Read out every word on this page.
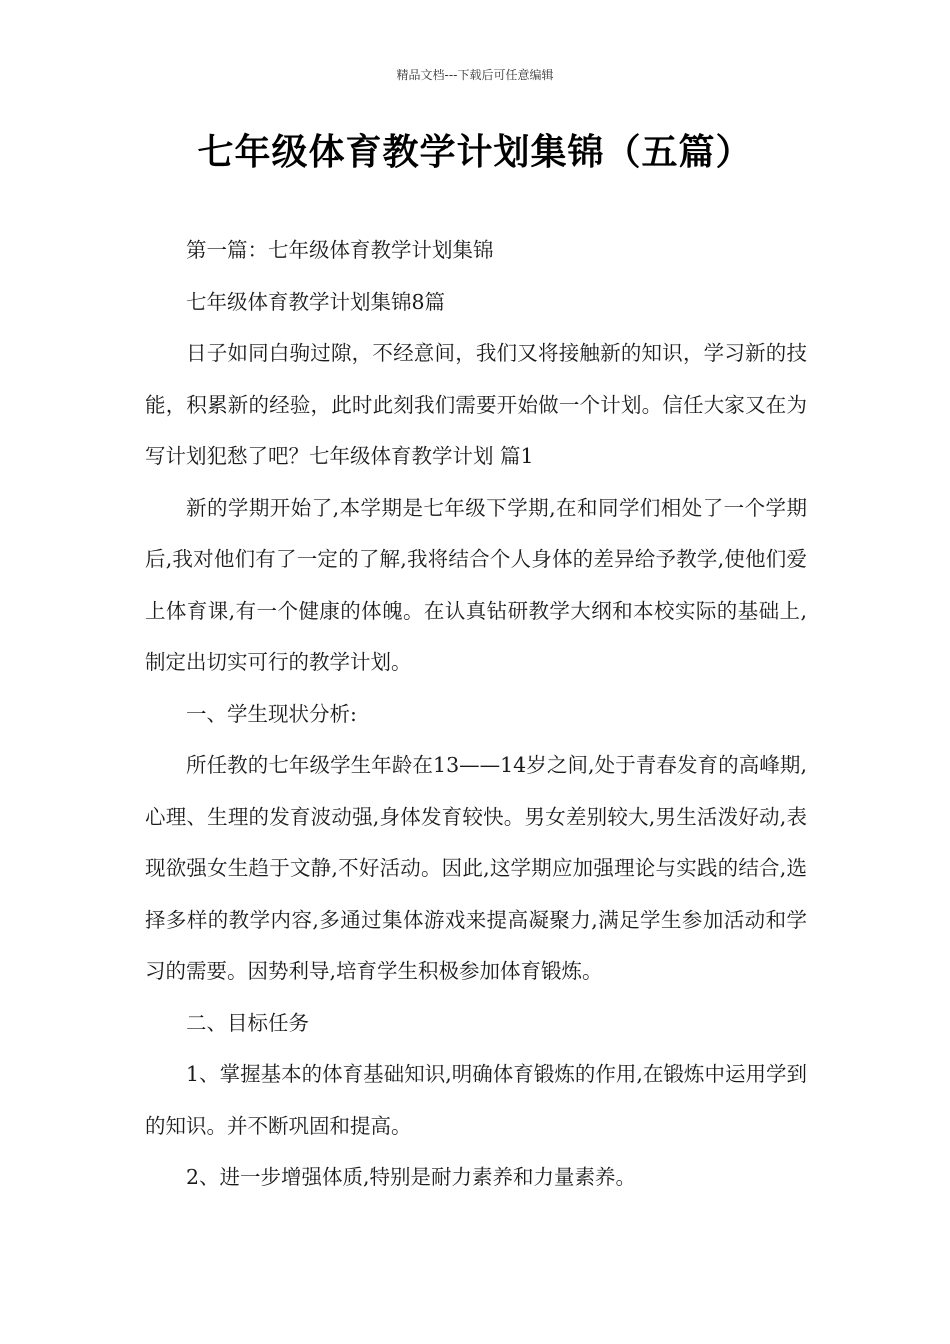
精品文档---下载后可任意编辑
七年级体育教学计划集锦（五篇）

第一篇：七年级体育教学计划集锦

七年级体育教学计划集锦8篇

日子如同白驹过隙，不经意间，我们又将接触新的知识，学习新的技能，积累新的经验，此时此刻我们需要开始做一个计划。信任大家又在为写计划犯愁了吧？七年级体育教学计划 篇1

新的学期开始了,本学期是七年级下学期,在和同学们相处了一个学期后,我对他们有了一定的了解,我将结合个人身体的差异给予教学,使他们爱上体育课,有一个健康的体魄。在认真钻研教学大纲和本校实际的基础上,制定出切实可行的教学计划。

一、学生现状分析:

所任教的七年级学生年龄在13——14岁之间,处于青春发育的高峰期,心理、生理的发育波动强,身体发育较快。男女差别较大,男生活泼好动,表现欲强女生趋于文静,不好活动。因此,这学期应加强理论与实践的结合,选择多样的教学内容,多通过集体游戏来提高凝聚力,满足学生参加活动和学习的需要。因势利导,培育学生积极参加体育锻炼。

二、目标任务

1、掌握基本的体育基础知识,明确体育锻炼的作用,在锻炼中运用学到的知识。并不断巩固和提高。

2、进一步增强体质,特别是耐力素养和力量素养。
